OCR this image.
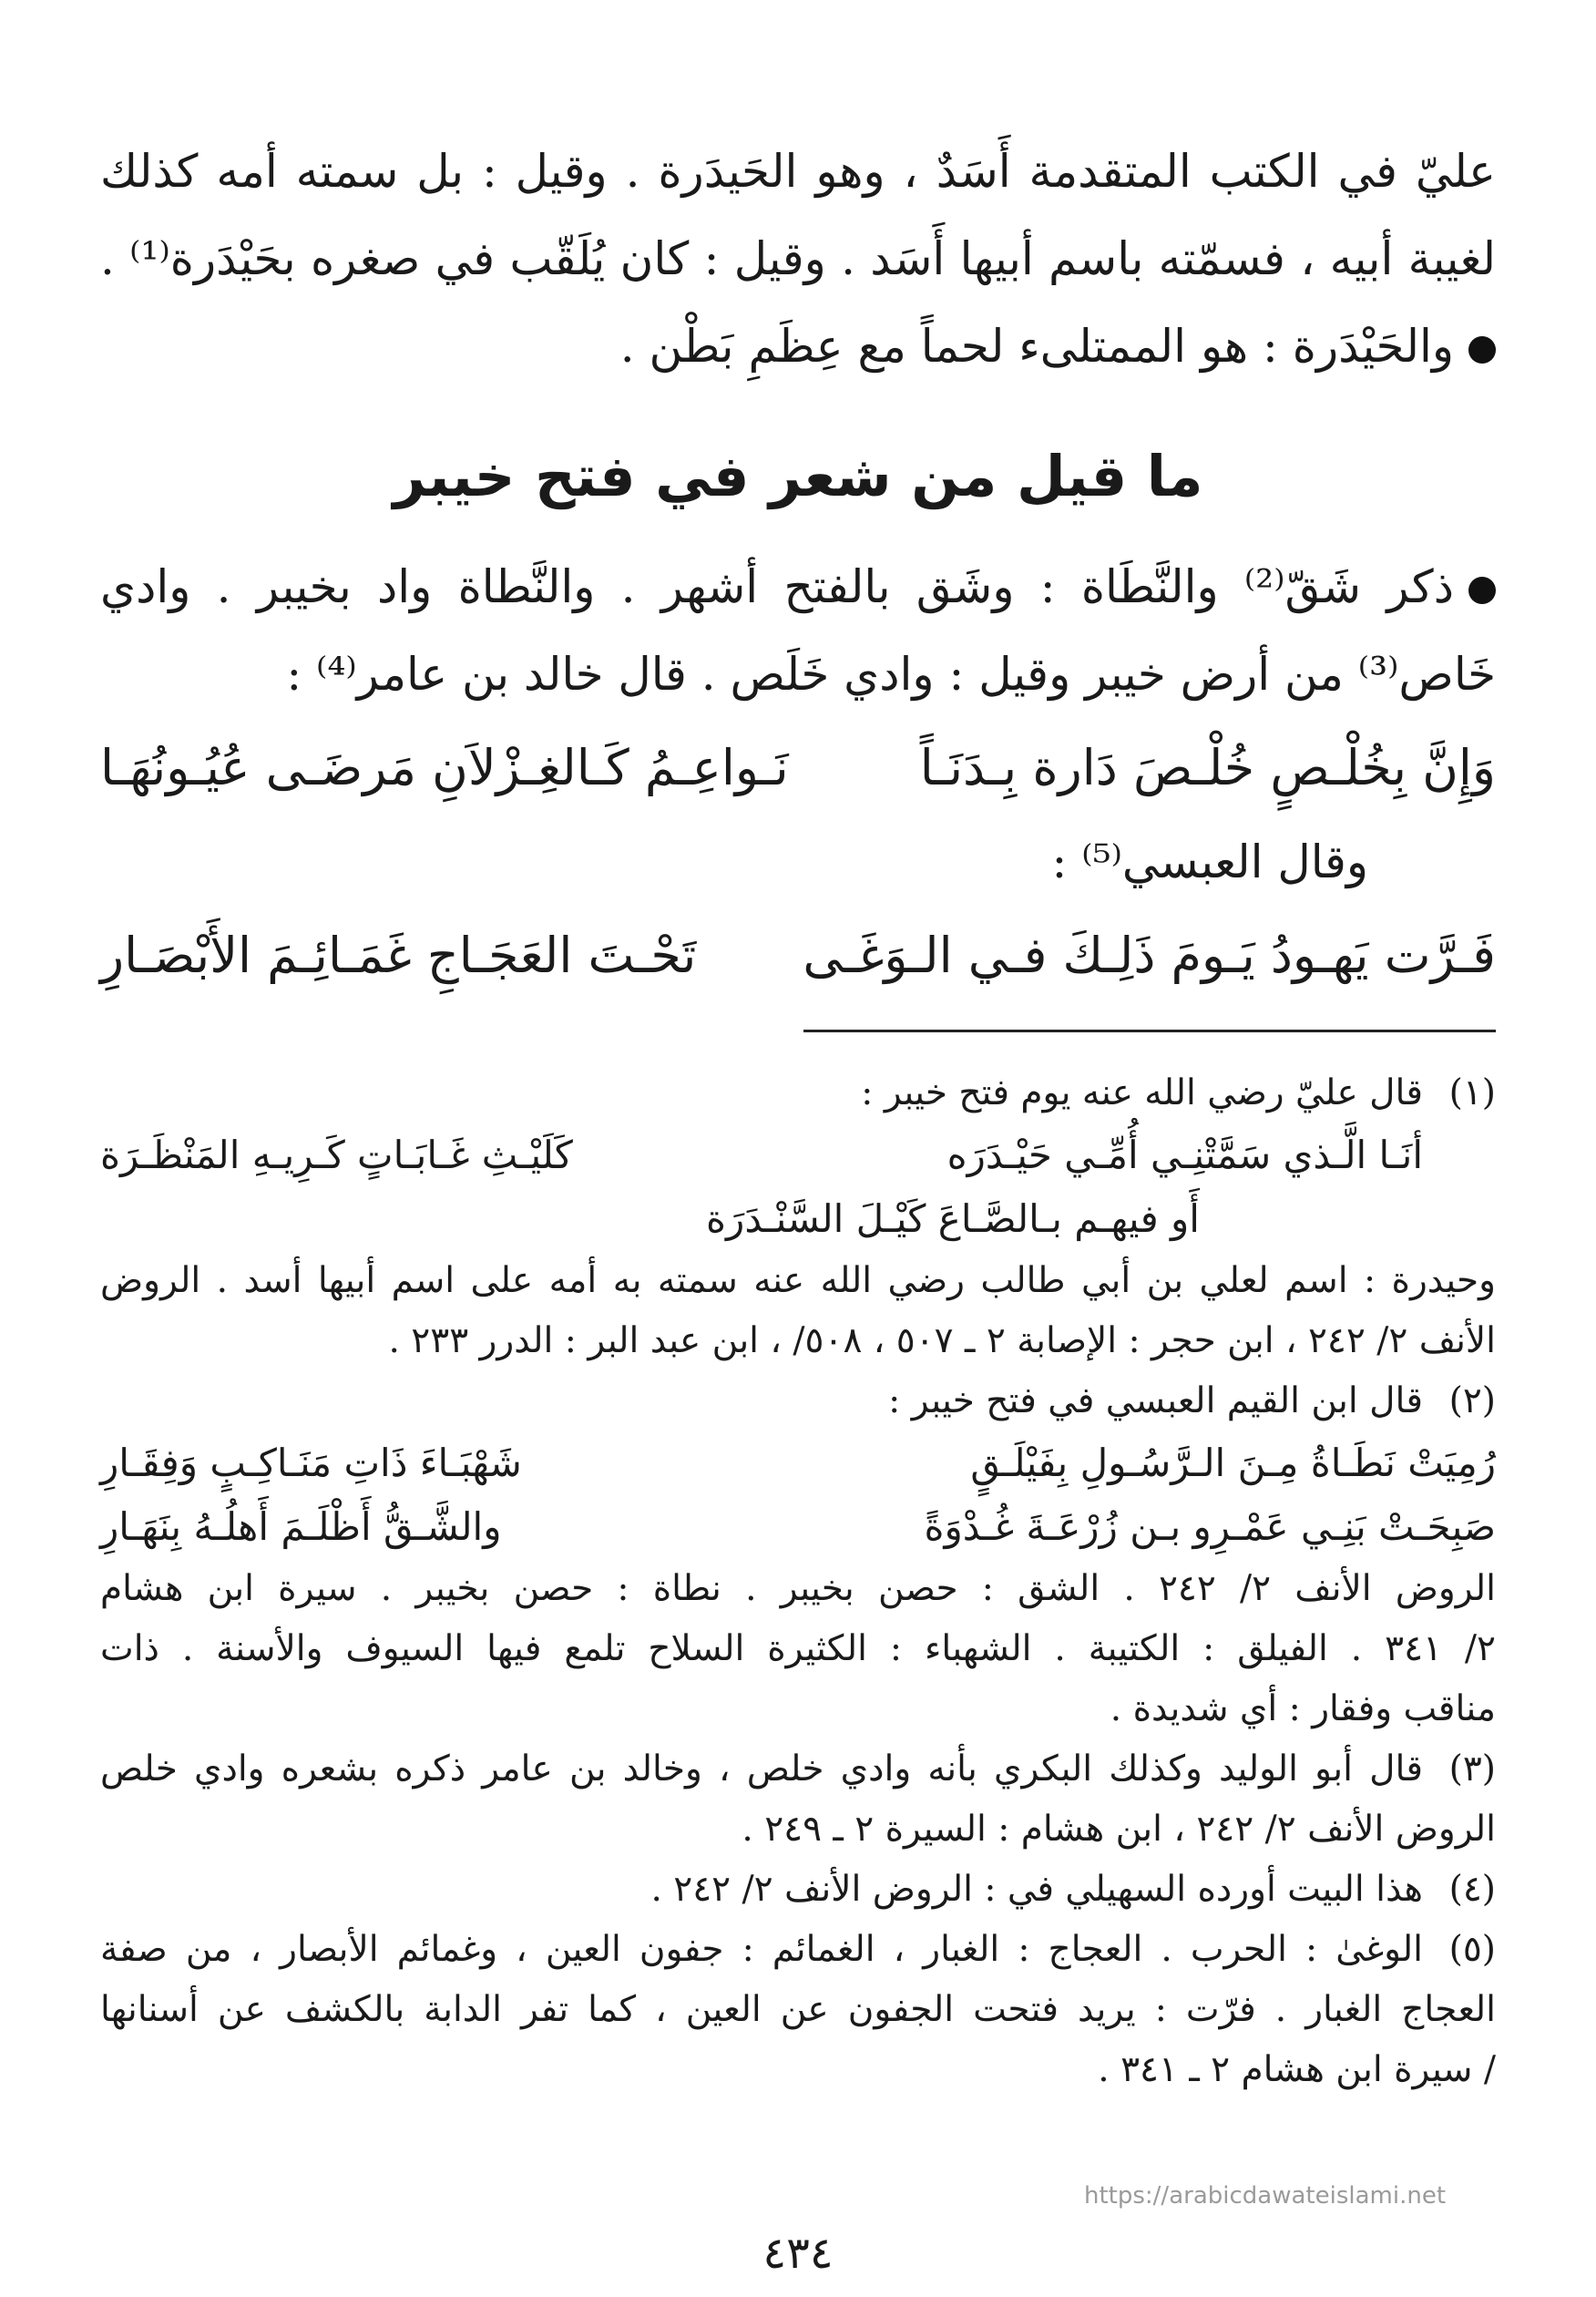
عليّ في الكتب المتقدمة أَسَدٌ ، وهو الحَيدَرة . وقيل : بل سمته أمه كذلك
لغيبة أبيه ، فسمّته باسم أبيها أَسَد . وقيل : كان يُلَقّب في صغره بحَيْدَرة⁽¹⁾ .
والحَيْدَرة : هو الممتلىء لحماً مع عِظَمِ بَطْن .
ما قيل من شعر في فتح خيبر
ذكر شَقّ⁽²⁾ والنَّطَاة : وشَق بالفتح أشهر . والنَّطاة واد بخيبر . وادي
خَاص⁽³⁾ من أرض خيبر وقيل : وادي خَلَص . قال خالد بن عامر⁽⁴⁾ :
وَإِنَّ بِخُلْـصٍ خُلْـصَ دَارة بِـدَنَـاً
نَـواعِـمُ كَـالغِـزْلاَنِ مَرضَـى عُيُـونُهَـا
وقال العبسي⁽⁵⁾ :
فَـرَّت يَهـودُ يَـومَ ذَلِـكَ فـي الـوَغَـى
تَحْـتَ العَجَـاجِ غَمَـائِـمَ الأَبْصَـارِ
(١)
قال عليّ رضي الله عنه يوم فتح خيبر :
أنَـا الَّـذي سَمَّتْنِـي أُمِّـي حَيْـدَرَه
كَلَيْـثِ غَـابَـاتٍ كَـرِيـهِ المَنْظَـرَة
أَو فيهـم بـالصَّـاعَ كَيْـلَ السَّنْـدَرَة
وحيدرة : اسم لعلي بن أبي طالب رضي الله عنه سمته به أمه على اسم أبيها أسد . الروض
الأنف ٢/ ٢٤٢ ، ابن حجر : الإصابة ٢ ـ ٥٠٧ ، ٥٠٨/ ، ابن عبد البر : الدرر ٢٣٣ .
(٢)
قال ابن القيم العبسي في فتح خيبر :
رُمِيَتْ نَطَـاةُ مِـنَ الـرَّسُـولِ بِفَيْلَـقٍ
شَهْبَـاءَ ذَاتِ مَنَـاكِـبٍ وَفِقَـارِ
صَبِحَـتْ بَنِـي عَمْـرِو بـن زُرْعَـةَ غُـدْوَةً
والشَّـقُّ أَظْلَـمَ أَهلُـهُ بِنَهَـارِ
الروض الأنف ٢/ ٢٤٢ . الشق : حصن بخيبر . نطاة : حصن بخيبر . سيرة ابن هشام
٢/ ٣٤١ . الفيلق : الكتيبة . الشهباء : الكثيرة السلاح تلمع فيها السيوف والأسنة . ذات
مناقب وفقار : أي شديدة .
(٣)
قال أبو الوليد وكذلك البكري بأنه وادي خلص ، وخالد بن عامر ذكره بشعره وادي خلص
الروض الأنف ٢/ ٢٤٢ ، ابن هشام : السيرة ٢ ـ ٢٤٩ .
(٤)
هذا البيت أورده السهيلي في : الروض الأنف ٢/ ٢٤٢ .
(٥)
الوغىٰ : الحرب . العجاج : الغبار ، الغمائم : جفون العين ، وغمائم الأبصار ، من صفة
العجاج الغبار . فرّت : يريد فتحت الجفون عن العين ، كما تفر الدابة بالكشف عن أسنانها
/ سيرة ابن هشام ٢ ـ ٣٤١ .
https://arabicdawateislami.net
٤٣٤
